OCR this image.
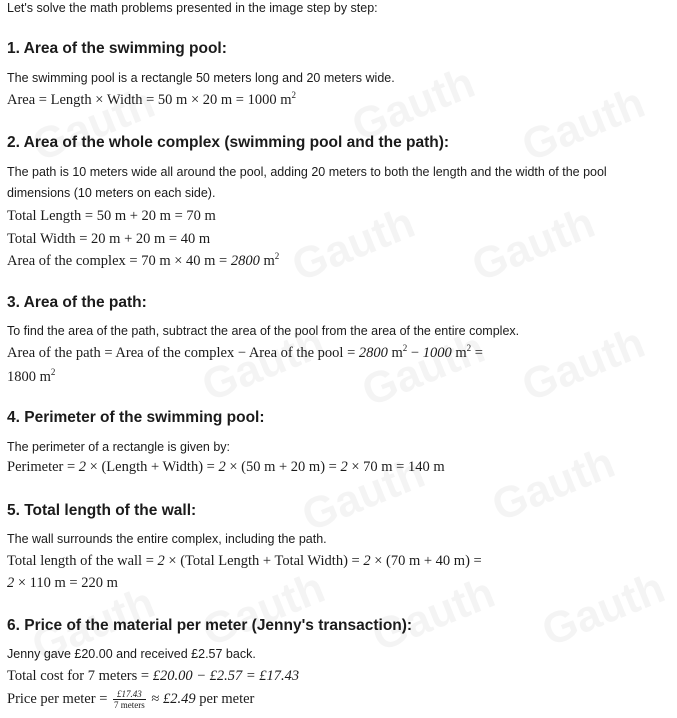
Let's solve the math problems presented in the image step by step:
1. Area of the swimming pool:
The swimming pool is a rectangle 50 meters long and 20 meters wide.
Area = Length × Width = 50 m × 20 m = 1000 $m^2$
2. Area of the whole complex (swimming pool and the path):
The path is 10 meters wide all around the pool, adding 20 meters to both the length and the width of the pool dimensions (10 meters on each side).
Total Length = 50 m + 20 m = 70 m
Total Width = 20 m + 20 m = 40 m
Area of the complex = 70 m × 40 m = 2800 $m^2$
3. Area of the path:
To find the area of the path, subtract the area of the pool from the area of the entire complex.
Area of the path = Area of the complex − Area of the pool = 2800 $m^2 - 1000$ $m^2$ =
1800 $m^2$
4. Perimeter of the swimming pool:
The perimeter of a rectangle is given by:
Perimeter = 2 × (Length + Width) = 2 × (50 m + 20 m) = 2 × 70 m = 140 m
5. Total length of the wall:
The wall surrounds the entire complex, including the path.
Total length of the wall = 2 × (Total Length + Total Width) = 2 × (70 m + 40 m) =
2 × 110 m = 220 m
6. Price of the material per meter (Jenny's transaction):
Jenny gave £20.00 and received £2.57 back.
Total cost for 7 meters = £20.00 − £2.57 = £17.43
Price per meter = $\frac{£17.43}{\text{7 meters}}$ ≈ £2.49 per meter
